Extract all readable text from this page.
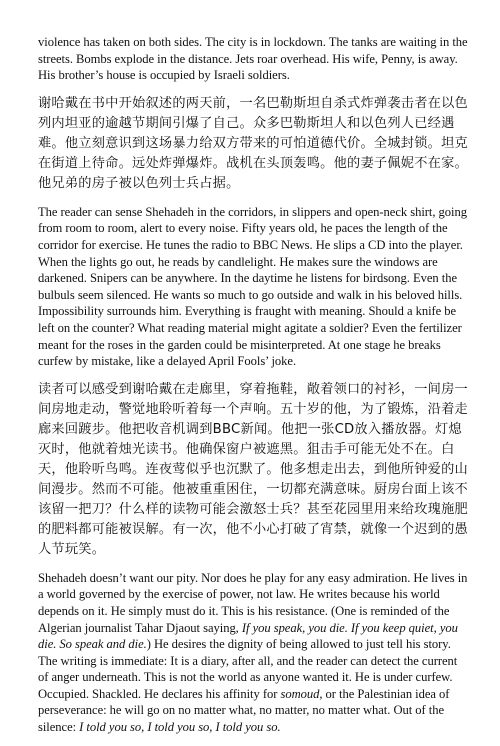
violence has taken on both sides. The city is in lockdown. The tanks are waiting in the streets. Bombs explode in the distance. Jets roar overhead. His wife, Penny, is away. His brother’s house is occupied by Israeli soldiers.

谢哈戴在书中开始叙述的两天前，一名巴勒斯坦自杀式炸弹袭击者在以色列内坦亚的逾越节期间引爆了自己。众多巴勒斯坦人和以色列人已经遇难。他立刻意识到这场暴力给双方带来的可怕道德代价。全城封锁。坦克在街道上待命。远处炸弹爆炸。战机在头顶轰鸣。他的妻子佩妮不在家。他兄弟的房子被以色列士兵占据。

The reader can sense Shehadeh in the corridors, in slippers and open-neck shirt, going from room to room, alert to every noise. Fifty years old, he paces the length of the corridor for exercise. He tunes the radio to BBC News. He slips a CD into the player. When the lights go out, he reads by candlelight. He makes sure the windows are darkened. Snipers can be anywhere. In the daytime he listens for birdsong. Even the bulbuls seem silenced. He wants so much to go outside and walk in his beloved hills. Impossibility surrounds him. Everything is fraught with meaning. Should a knife be left on the counter? What reading material might agitate a soldier? Even the fertilizer meant for the roses in the garden could be misinterpreted. At one stage he breaks curfew by mistake, like a delayed April Fools’ joke.

读者可以感受到谢哈戴在走廊里，穿着拖鞋，敞着领口的衬衫，一间房一间房地走动，警觉地聆听着每一个声响。五十岁的他，为了锻炼，沿着走廊来回踱步。他把收音机调到BBC新闻。他把一张CD放入播放器。灯熄灭时，他就着烛光读书。他确保窗户被遮黑。狙击手可能无处不在。白天，他聆听鸟鸣。连夜莺似乎也沉默了。他多想走出去，到他所钟爱的山间漫步。然而不可能。他被重重困住，一切都充满意味。厨房台面上该不该留一把刀？什么样的读物可能会激怒士兵？甚至花园里用来给玫瑰施肥的肥料都可能被误解。有一次，他不小心打破了宵禁，就像一个迟到的愚人节玩笑。

Shehadeh doesn’t want our pity. Nor does he play for any easy admiration. He lives in a world governed by the exercise of power, not law. He writes because his world depends on it. He simply must do it. This is his resistance. (One is reminded of the Algerian journalist Tahar Djaout saying, If you speak, you die. If you keep quiet, you die. So speak and die.) He desires the dignity of being allowed to just tell his story. The writing is immediate: It is a diary, after all, and the reader can detect the current of anger underneath. This is not the world as anyone wanted it. He is under curfew. Occupied. Shackled. He declares his affinity for somoud, or the Palestinian idea of perseverance: he will go on no matter what, no matter, no matter what. Out of the silence: I told you so, I told you so, I told you so.
